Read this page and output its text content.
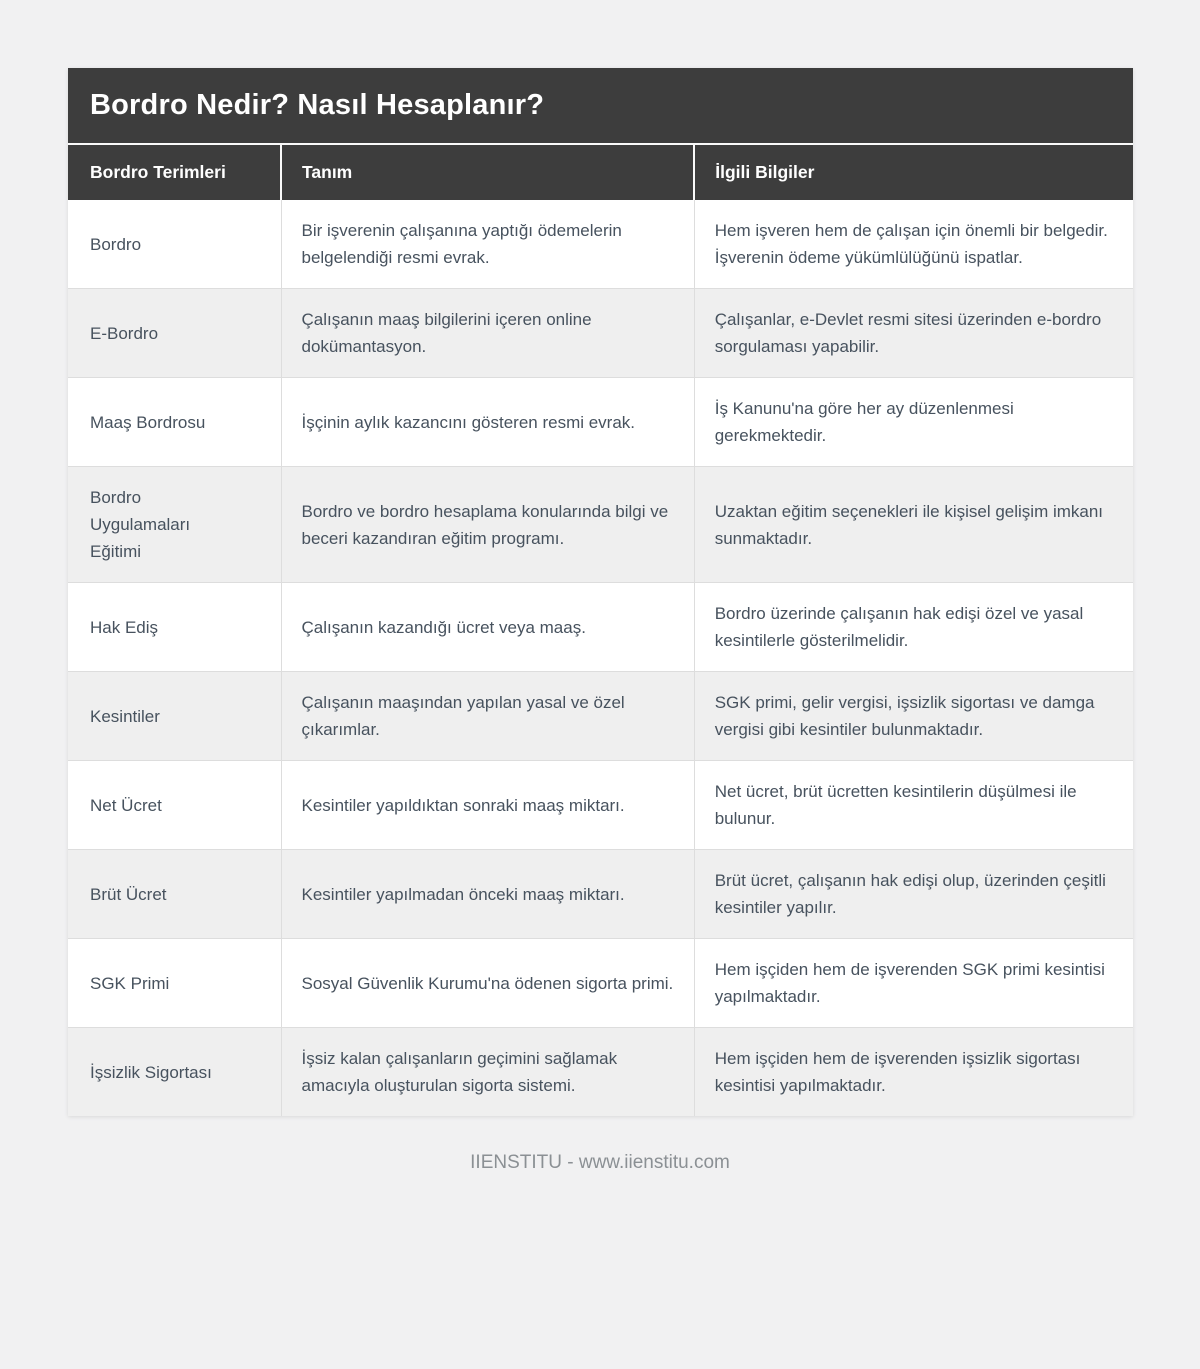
Bordro Nedir? Nasıl Hesaplanır?
Bordro Terimleri	Tanım	İlgili Bilgiler
Bordro	Bir işverenin çalışanına yaptığı ödemelerin belgelendiği resmi evrak.	Hem işveren hem de çalışan için önemli bir belgedir. İşverenin ödeme yükümlülüğünü ispatlar.
E-Bordro	Çalışanın maaş bilgilerini içeren online dokümantasyon.	Çalışanlar, e-Devlet resmi sitesi üzerinden e-bordro sorgulaması yapabilir.
Maaş Bordrosu	İşçinin aylık kazancını gösteren resmi evrak.	İş Kanunu'na göre her ay düzenlenmesi gerekmektedir.
Bordro Uygulamaları Eğitimi	Bordro ve bordro hesaplama konularında bilgi ve beceri kazandıran eğitim programı.	Uzaktan eğitim seçenekleri ile kişisel gelişim imkanı sunmaktadır.
Hak Ediş	Çalışanın kazandığı ücret veya maaş.	Bordro üzerinde çalışanın hak edişi özel ve yasal kesintilerle gösterilmelidir.
Kesintiler	Çalışanın maaşından yapılan yasal ve özel çıkarımlar.	SGK primi, gelir vergisi, işsizlik sigortası ve damga vergisi gibi kesintiler bulunmaktadır.
Net Ücret	Kesintiler yapıldıktan sonraki maaş miktarı.	Net ücret, brüt ücretten kesintilerin düşülmesi ile bulunur.
Brüt Ücret	Kesintiler yapılmadan önceki maaş miktarı.	Brüt ücret, çalışanın hak edişi olup, üzerinden çeşitli kesintiler yapılır.
SGK Primi	Sosyal Güvenlik Kurumu'na ödenen sigorta primi.	Hem işçiden hem de işverenden SGK primi kesintisi yapılmaktadır.
İşsizlik Sigortası	İşsiz kalan çalışanların geçimini sağlamak amacıyla oluşturulan sigorta sistemi.	Hem işçiden hem de işverenden işsizlik sigortası kesintisi yapılmaktadır.
IIENSTITU - www.iienstitu.com
